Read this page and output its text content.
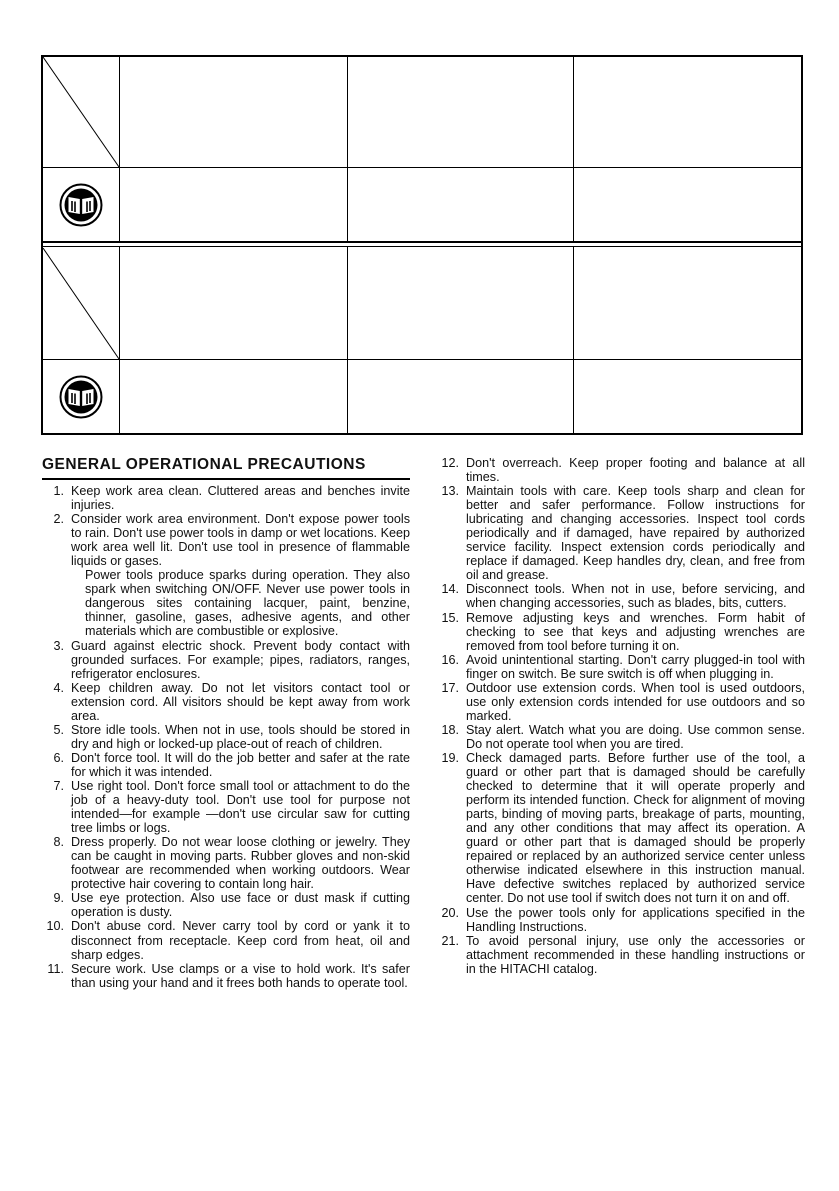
GENERAL OPERATIONAL PRECAUTIONS
1. Keep work area clean. Cluttered areas and benches invite injuries.
2. Consider work area environment. Don't expose power tools to rain. Don't use power tools in damp or wet locations. Keep work area well lit. Don't use tool in presence of flammable liquids or gases.
Power tools produce sparks during operation. They also spark when switching ON/OFF. Never use power tools in dangerous sites containing lacquer, paint, benzine, thinner, gasoline, gases, adhesive agents, and other materials which are combustible or explosive.
3. Guard against electric shock. Prevent body contact with grounded surfaces. For example; pipes, radiators, ranges, refrigerator enclosures.
4. Keep children away. Do not let visitors contact tool or extension cord. All visitors should be kept away from work area.
5. Store idle tools. When not in use, tools should be stored in dry and high or locked-up place-out of reach of children.
6. Don't force tool. It will do the job better and safer at the rate for which it was intended.
7. Use right tool. Don't force small tool or attachment to do the job of a heavy-duty tool. Don't use tool for purpose not intended—for example —don't use circular saw for cutting tree limbs or logs.
8. Dress properly. Do not wear loose clothing or jewelry. They can be caught in moving parts. Rubber gloves and non-skid footwear are recommended when working outdoors. Wear protective hair covering to contain long hair.
9. Use eye protection. Also use face or dust mask if cutting operation is dusty.
10. Don't abuse cord. Never carry tool by cord or yank it to disconnect from receptacle. Keep cord from heat, oil and sharp edges.
11. Secure work. Use clamps or a vise to hold work. It's safer than using your hand and it frees both hands to operate tool.
12. Don't overreach. Keep proper footing and balance at all times.
13. Maintain tools with care. Keep tools sharp and clean for better and safer performance. Follow instructions for lubricating and changing accessories. Inspect tool cords periodically and if damaged, have repaired by authorized service facility. Inspect extension cords periodically and replace if damaged. Keep handles dry, clean, and free from oil and grease.
14. Disconnect tools. When not in use, before servicing, and when changing accessories, such as blades, bits, cutters.
15. Remove adjusting keys and wrenches. Form habit of checking to see that keys and adjusting wrenches are removed from tool before turning it on.
16. Avoid unintentional starting. Don't carry plugged-in tool with finger on switch. Be sure switch is off when plugging in.
17. Outdoor use extension cords. When tool is used outdoors, use only extension cords intended for use outdoors and so marked.
18. Stay alert. Watch what you are doing. Use common sense. Do not operate tool when you are tired.
19. Check damaged parts. Before further use of the tool, a guard or other part that is damaged should be carefully checked to determine that it will operate properly and perform its intended function. Check for alignment of moving parts, binding of moving parts, breakage of parts, mounting, and any other conditions that may affect its operation. A guard or other part that is damaged should be properly repaired or replaced by an authorized service center unless otherwise indicated elsewhere in this instruction manual. Have defective switches replaced by authorized service center. Do not use tool if switch does not turn it on and off.
20. Use the power tools only for applications specified in the Handling Instructions.
21. To avoid personal injury, use only the accessories or attachment recommended in these handling instructions or in the HITACHI catalog.
